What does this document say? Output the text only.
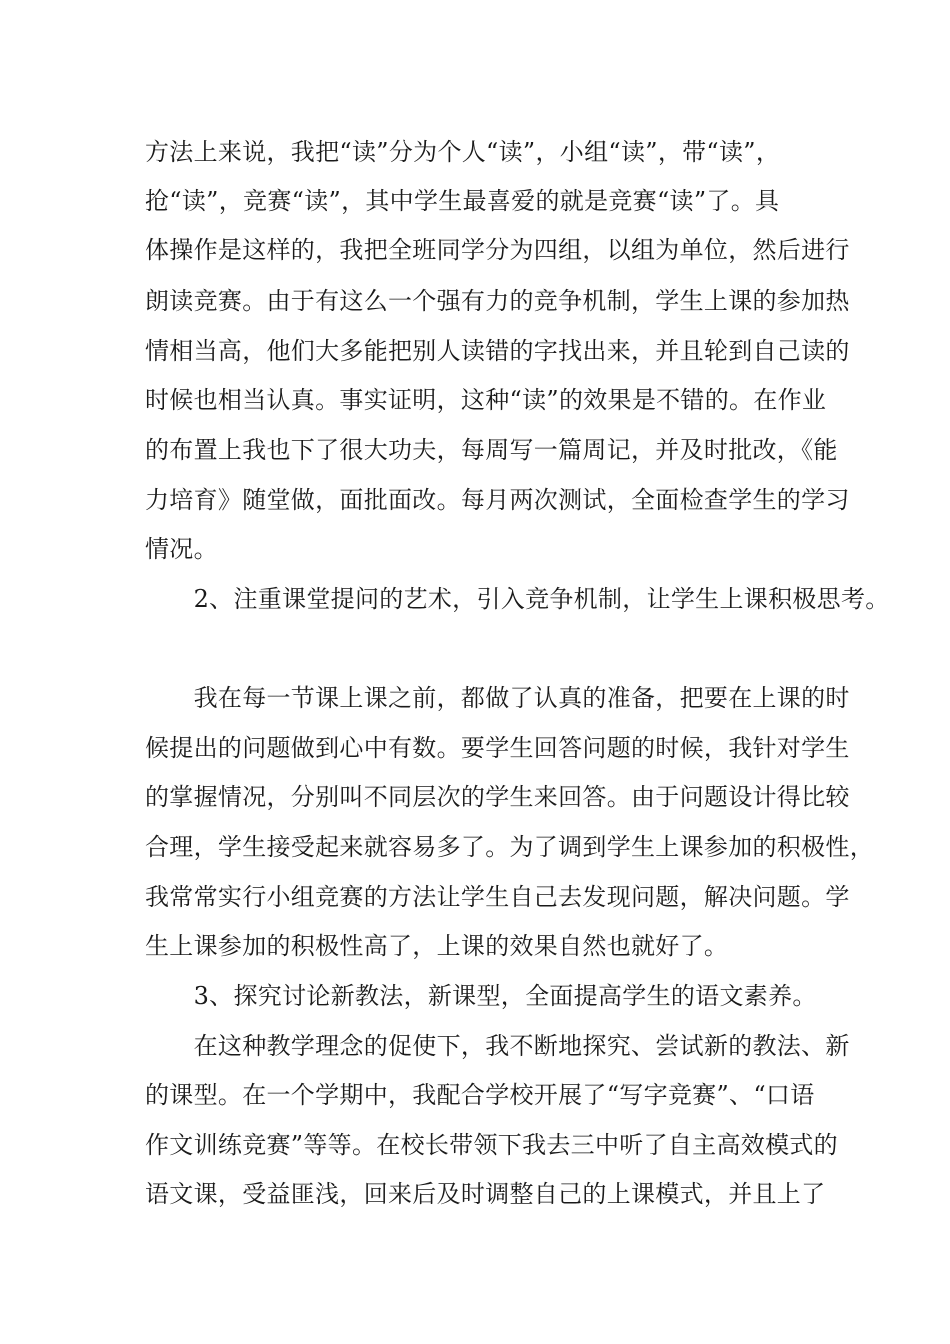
方法上来说，我把“读”分为个人“读”，小组“读”，带“读”，
抢“读”，竞赛“读”，其中学生最喜爱的就是竞赛“读”了。具
体操作是这样的，我把全班同学分为四组，以组为单位，然后进行
朗读竞赛。由于有这么一个强有力的竞争机制，学生上课的参加热
情相当高，他们大多能把别人读错的字找出来，并且轮到自己读的
时候也相当认真。事实证明，这种“读”的效果是不错的。在作业
的布置上我也下了很大功夫，每周写一篇周记，并及时批改，《能
力培育》随堂做，面批面改。每月两次测试，全面检查学生的学习
情况。
　　2、注重课堂提问的艺术，引入竞争机制，让学生上课积极思考。
　　我在每一节课上课之前，都做了认真的准备，把要在上课的时
候提出的问题做到心中有数。要学生回答问题的时候，我针对学生
的掌握情况，分别叫不同层次的学生来回答。由于问题设计得比较
合理，学生接受起来就容易多了。为了调到学生上课参加的积极性，
我常常实行小组竞赛的方法让学生自己去发现问题，解决问题。学
生上课参加的积极性高了，上课的效果自然也就好了。
　　3、探究讨论新教法，新课型，全面提高学生的语文素养。
　　在这种教学理念的促使下，我不断地探究、尝试新的教法、新
的课型。在一个学期中，我配合学校开展了“写字竞赛”、“口语
作文训练竞赛”等等。在校长带领下我去三中听了自主高效模式的
语文课，受益匪浅，回来后及时调整自己的上课模式，并且上了
